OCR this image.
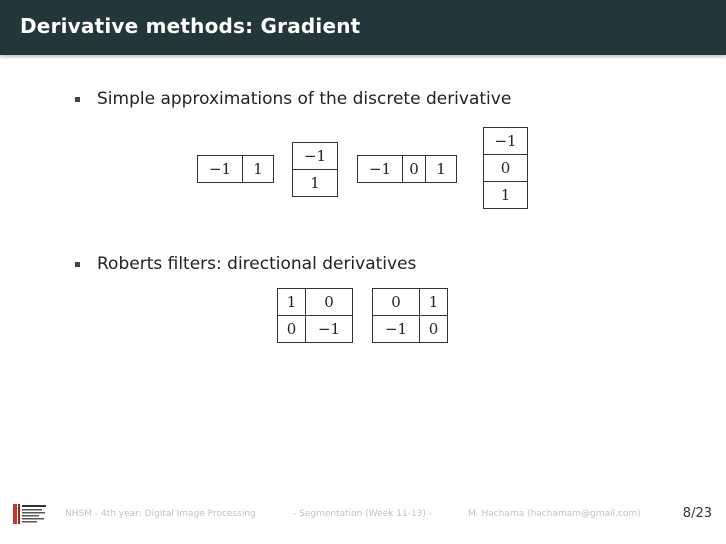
Derivative methods: Gradient
Simple approximations of the discrete derivative
−1	1
−1
1
−1	0	1
−1
0
1
Roberts filters: directional derivatives
1	0
0	−1
0	1
−1	0
NHSM - 4th year: Digital Image Processing	- Segmentation (Week 11-13) -	M. Hachama (hachamam@gmail.com)	8/23
